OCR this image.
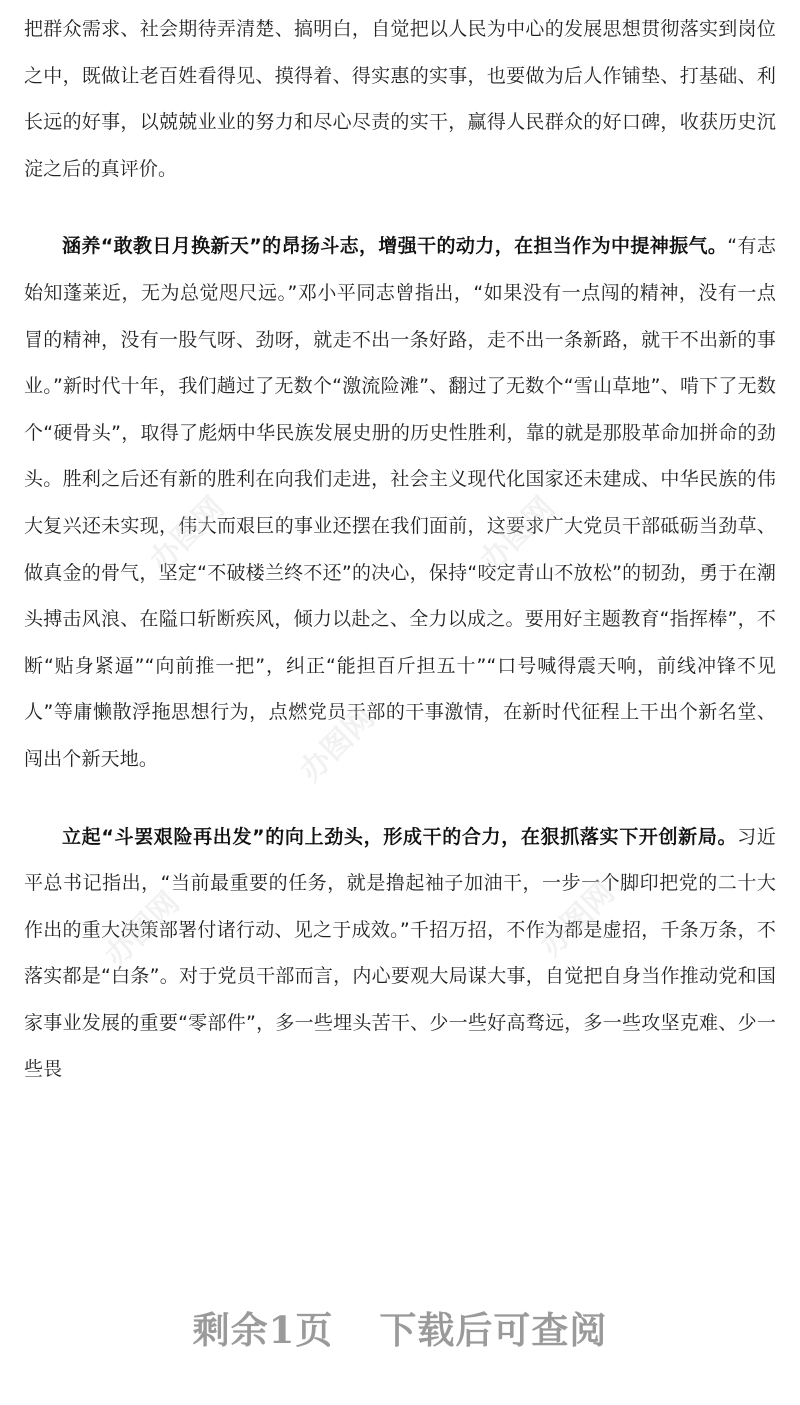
把群众需求、社会期待弄清楚、搞明白，自觉把以人民为中心的发展思想贯彻落实到岗位之中，既做让老百姓看得见、摸得着、得实惠的实事，也要做为后人作铺垫、打基础、利长远的好事，以兢兢业业的努力和尽心尽责的实干，赢得人民群众的好口碑，收获历史沉淀之后的真评价。

涵养“敢教日月换新天”的昂扬斗志，增强干的动力，在担当作为中提神振气。“有志始知蓬莱近，无为总觉咫尺远。”邓小平同志曾指出，“如果没有一点闯的精神，没有一点冒的精神，没有一股气呀、劲呀，就走不出一条好路，走不出一条新路，就干不出新的事业。”新时代十年，我们趟过了无数个“激流险滩”、翻过了无数个“雪山草地”、啃下了无数个“硬骨头”，取得了彪炳中华民族发展史册的历史性胜利，靠的就是那股革命加拼命的劲头。胜利之后还有新的胜利在向我们走进，社会主义现代化国家还未建成、中华民族的伟大复兴还未实现，伟大而艰巨的事业还摆在我们面前，这要求广大党员干部砥砺当劲草、做真金的骨气，坚定“不破楼兰终不还”的决心，保持“咬定青山不放松”的韧劲，勇于在潮头搏击风浪、在隘口斩断疾风，倾力以赴之、全力以成之。要用好主题教育“指挥棒”，不断“贴身紧逼”“向前推一把”，纠正“能担百斤担五十”“口号喊得震天响，前线冲锋不见人”等庸懒散浮拖思想行为，点燃党员干部的干事激情，在新时代征程上干出个新名堂、闯出个新天地。

立起“斗罢艰险再出发”的向上劲头，形成干的合力，在狠抓落实下开创新局。习近平总书记指出，“当前最重要的任务，就是撸起袖子加油干，一步一个脚印把党的二十大作出的重大决策部署付诸行动、见之于成效。”千招万招，不作为都是虚招，千条万条，不落实都是“白条”。对于党员干部而言，内心要观大局谋大事，自觉把自身当作推动党和国家事业发展的重要“零部件”，多一些埋头苦干、少一些好高骛远，多一些攻坚克难、少一些畏

办图网	办图网
办图网
办图网	办图网
剩余1页 下载后可查阅
